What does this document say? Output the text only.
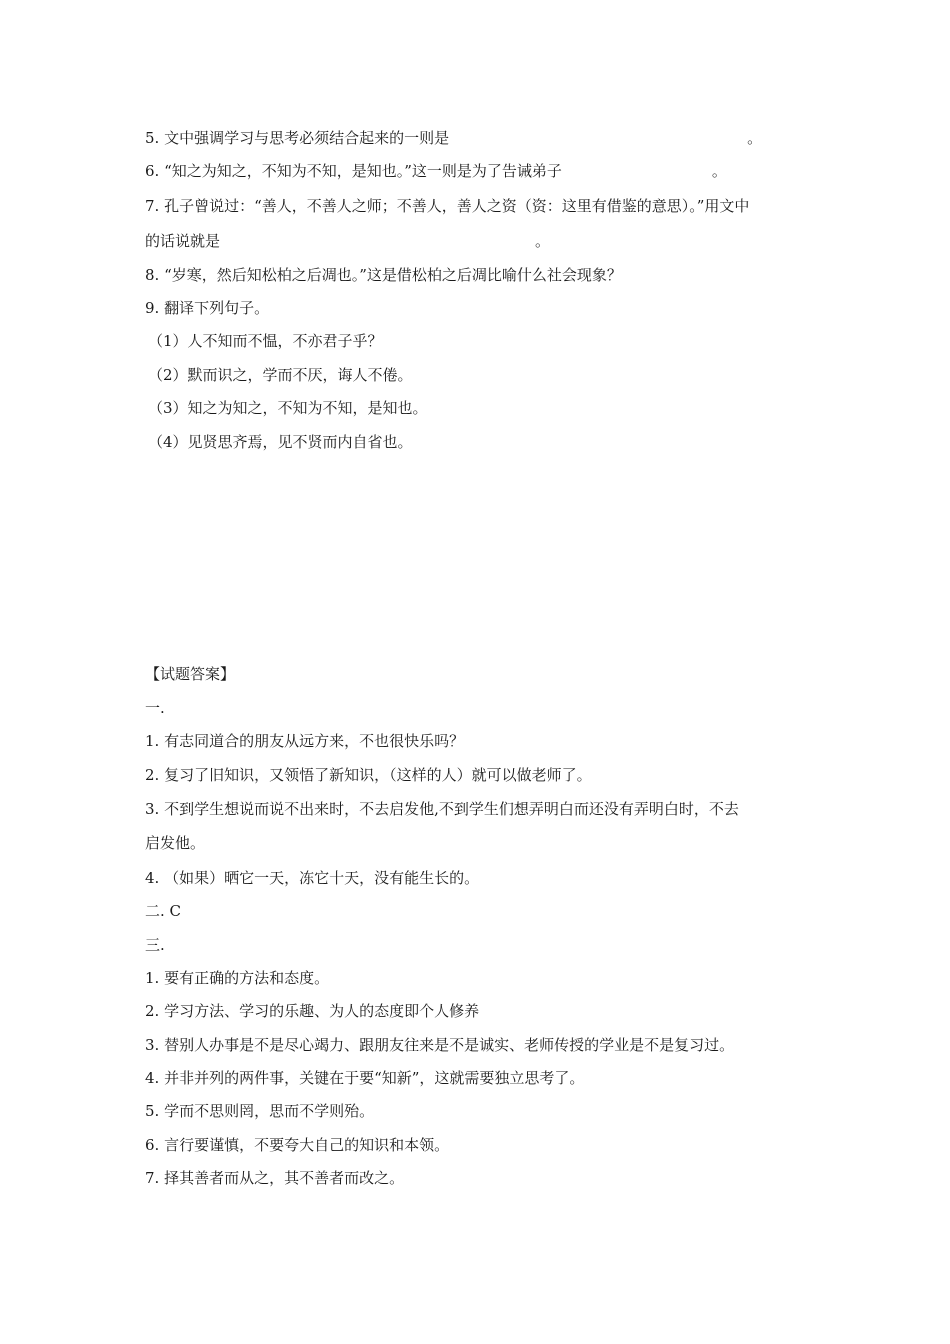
5. 文中强调学习与思考必须结合起来的一则是	。
6. “知之为知之，不知为不知，是知也。”这一则是为了告诫弟子	。
7. 孔子曾说过：“善人，不善人之师；不善人，善人之资（资：这里有借鉴的意思）。”用文中
的话说就是	。
8. “岁寒，然后知松柏之后凋也。”这是借松柏之后凋比喻什么社会现象？
9. 翻译下列句子。
（1）人不知而不愠，不亦君子乎？
（2）默而识之，学而不厌，诲人不倦。
（3）知之为知之，不知为不知，是知也。
（4）见贤思齐焉，见不贤而内自省也。
【试题答案】
一.
1. 有志同道合的朋友从远方来，不也很快乐吗？
2. 复习了旧知识，又领悟了新知识，（这样的人）就可以做老师了。
3. 不到学生想说而说不出来时，不去启发他,不到学生们想弄明白而还没有弄明白时，不去
启发他。
4. （如果）晒它一天，冻它十天，没有能生长的。
二. C
三.
1. 要有正确的方法和态度。
2. 学习方法、学习的乐趣、为人的态度即个人修养
3. 替别人办事是不是尽心竭力、跟朋友往来是不是诚实、老师传授的学业是不是复习过。
4. 并非并列的两件事，关键在于要“知新”，这就需要独立思考了。
5. 学而不思则罔，思而不学则殆。
6. 言行要谨慎，不要夸大自己的知识和本领。
7. 择其善者而从之，其不善者而改之。
